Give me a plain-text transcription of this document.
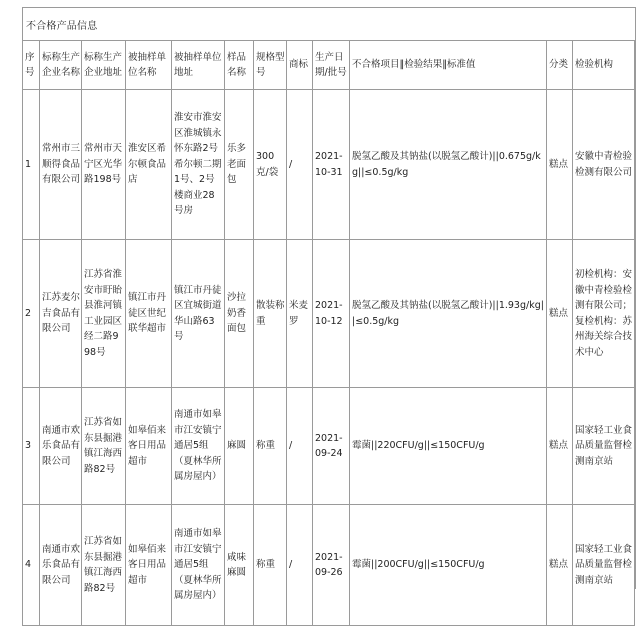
不合格产品信息
序号	标称生产企业名称	标称生产企业地址	被抽样单位名称	被抽样单位地址	样品名称	规格型号	商标	生产日期/批号	不合格项目‖检验结果‖标准值	分类	检验机构
1	常州市三顺得食品有限公司	常州市天宁区光华路198号	淮安区希尔顿食品店	淮安市淮安区淮城镇永怀东路2号希尔顿二期1号、2号楼商业28号房	乐多老面包	300克/袋	/	2021-10-31	脱氢乙酸及其钠盐(以脱氢乙酸计)||0.675g/kg||≤0.5g/kg	糕点	安徽中青检验检测有限公司
2	江苏麦尔吉食品有限公司	江苏省淮安市盱眙县淮河镇工业园区经二路998号	镇江市丹徒区世纪联华超市	镇江市丹徒区宜城街道华山路63号	沙拉奶香面包	散装称重	米麦罗	2021-10-12	脱氢乙酸及其钠盐(以脱氢乙酸计)||1.93g/kg||≤0.5g/kg	糕点	初检机构：安徽中青检验检测有限公司；复检机构：苏州海关综合技术中心
3	南通市欢乐食品有限公司	江苏省如东县掘港镇江海西路82号	如皋佰来客日用品超市	南通市如皋市江安镇宁通居5组（夏林华所属房屋内）	麻圆	称重	/	2021-09-24	霉菌||220CFU/g||≤150CFU/g	糕点	国家轻工业食品质量监督检测南京站
4	南通市欢乐食品有限公司	江苏省如东县掘港镇江海西路82号	如皋佰来客日用品超市	南通市如皋市江安镇宁通居5组（夏林华所属房屋内）	咸味麻圆	称重	/	2021-09-26	霉菌||200CFU/g||≤150CFU/g	糕点	国家轻工业食品质量监督检测南京站
